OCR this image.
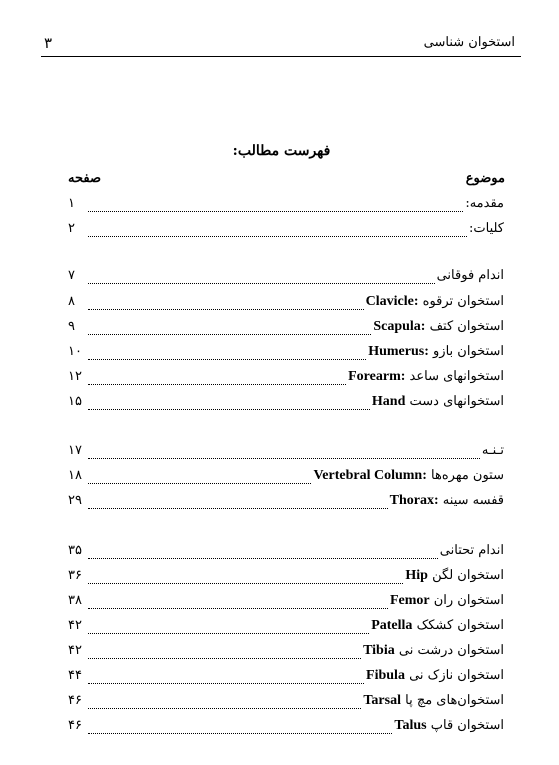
۳	استخوان شناسی
فهرست مطالب:
موضوع
صفحه
مقدمه:
۱
کلیات:
۲
اندام فوقانی
۷
استخوان ترقوه Clavicle:
۸
استخوان کتف Scapula:
۹
استخوان بازو Humerus:
۱۰
استخوانهای ساعد Forearm:
۱۲
استخوانهای دست Hand
۱۵
تـنـه
۱۷
ستون مهره‌ها Vertebral Column:
۱۸
قفسه سینه Thorax:
۲۹
اندام تحتانی
۳۵
استخوان لگن Hip
۳۶
استخوان ران Femor
۳۸
استخوان کشکک Patella
۴۲
استخوان درشت نی Tibia
۴۲
استخوان نازک نی Fibula
۴۴
استخوان‌های مچ پا Tarsal
۴۶
استخوان قاپ Talus
۴۶
